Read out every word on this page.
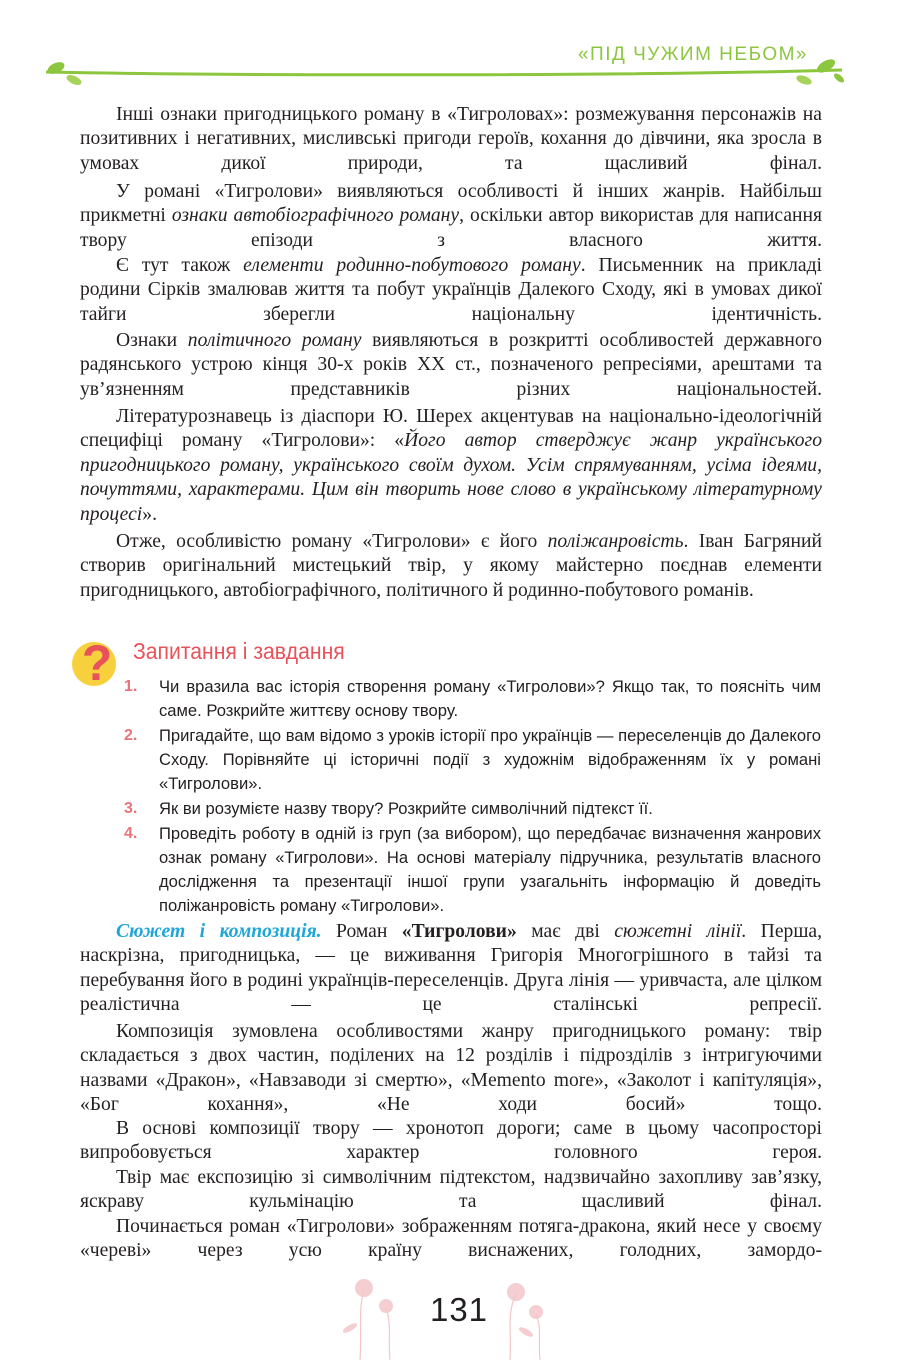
«ПІД ЧУЖИМ НЕБОМ»

Інші ознаки пригодницького роману в «Тигроловах»: розмежування персонажів на позитивних і негативних, мисливські пригоди героїв, кохання до дівчини, яка зросла в умовах дикої природи, та щасливий фінал.

У романі «Тигролови» виявляються особливості й інших жанрів. Найбільш прикметні ознаки автобіографічного роману, оскільки автор використав для написання твору епізоди з власного життя.

Є тут також елементи родинно-побутового роману. Письменник на прикладі родини Сірків змалював життя та побут українців Далекого Сходу, які в умовах дикої тайги зберегли національну ідентичність.

Ознаки політичного роману виявляються в розкритті особливостей державного радянського устрою кінця 30-х років XX ст., позначеного репресіями, арештами та ув’язненням представників різних національностей.

Літературознавець із діаспори Ю. Шерех акцентував на національно-ідеологічній специфіці роману «Тигролови»: «Його автор стверджує жанр українського пригодницького роману, українського своїм духом. Усім спрямуванням, усіма ідеями, почуттями, характерами. Цим він творить нове слово в українському літературному процесі».

Отже, особливістю роману «Тигролови» є його поліжанровість. Іван Багряний створив оригінальний мистецький твір, у якому майстерно поєднав елементи пригодницького, автобіографічного, політичного й родинно-побутового романів.

? Запитання і завдання
1.	Чи вразила вас історія створення роману «Тигролови»? Якщо так, то поясніть чим саме. Розкрийте життєву основу твору.
2.	Пригадайте, що вам відомо з уроків історії про українців — переселенців до Далекого Сходу. Порівняйте ці історичні події з художнім відображенням їх у романі «Тигролови».
3.	Як ви розумієте назву твору? Розкрийте символічний підтекст її.
4.	Проведіть роботу в одній із груп (за вибором), що передбачає визначення жанрових ознак роману «Тигролови». На основі матеріалу підручника, результатів власного дослідження та презентації іншої групи узагальніть інформацію й доведіть поліжанровість роману «Тигролови».

Сюжет і композиція. Роман «Тигролови» має дві сюжетні лінії. Перша, наскрізна, пригодницька, — це виживання Григорія Многогрішного в тайзі та перебування його в родині українців-переселенців. Друга лінія — уривчаста, але цілком реалістична — це сталінські репресії.

Композиція зумовлена особливостями жанру пригодницького роману: твір складається з двох частин, поділених на 12 розділів і підрозділів з інтригуючими назвами «Дракон», «Навзаводи зі смертю», «Memento more», «Заколот і капітуляція», «Бог кохання», «Не ходи босий» тощо.

В основі композиції твору — хронотоп дороги; саме в цьому часопросторі випробовується характер головного героя.

Твір має експозицію зі символічним підтекстом, надзвичайно захопливу зав’язку, яскраву кульмінацію та щасливий фінал.

Починається роман «Тигролови» зображенням потяга-дракона, який несе у своєму «череві» через усю країну виснажених, голодних, замордо-

131
